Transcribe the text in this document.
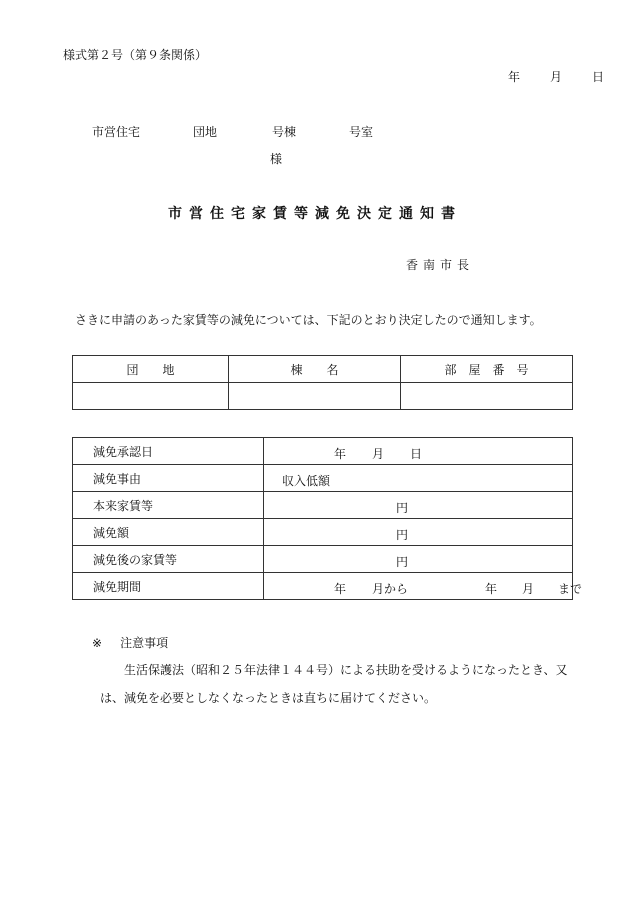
様式第２号（第９条関係）
年	月	日
市営住宅	団地	号棟	号室
様
市営住宅家賃等減免決定通知書
香南市長
さきに申請のあった家賃等の減免については、下記のとおり決定したので通知します。
団　　地	棟　　名	部　屋　番　号

減免承認日	年 月 日

減免事由	収入低額

本来家賃等	円

減免額	円

減免後の家賃等	円

減免期間	年 月から 年 月 まで
※ 注意事項
生活保護法（昭和２５年法律１４４号）による扶助を受けるようになったとき、又
は、減免を必要としなくなったときは直ちに届けてください。
